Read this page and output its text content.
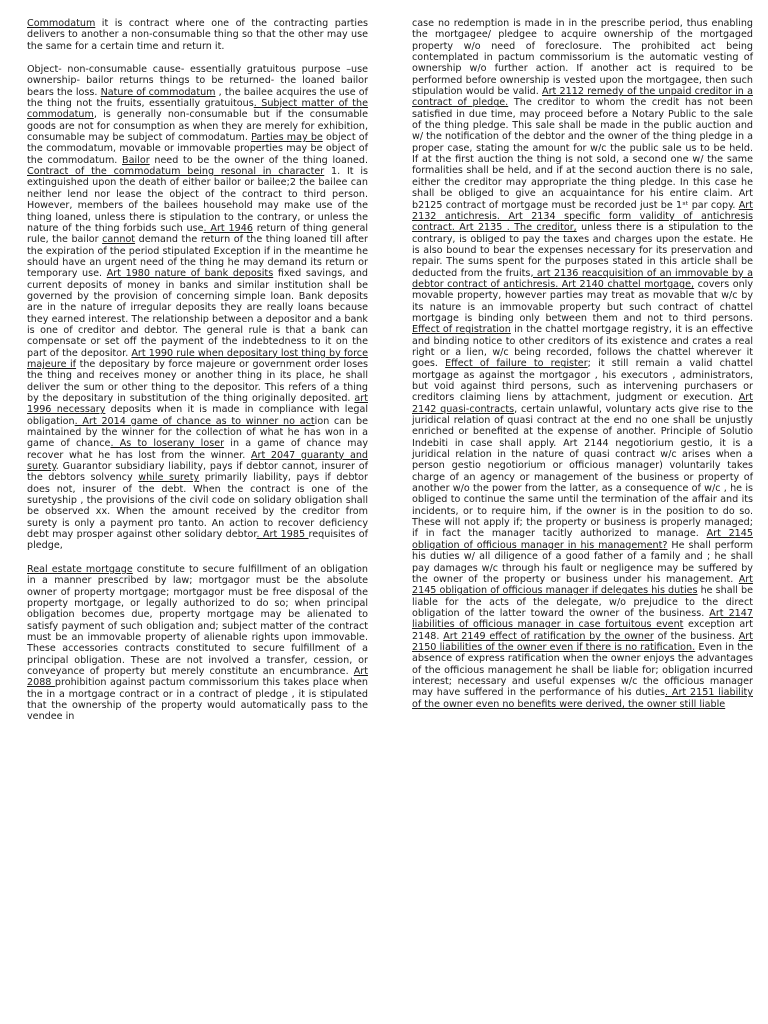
Commodatum it is contract where one of the contracting parties delivers to another a non-consumable thing so that the other may use the same for a certain time and return it.

Object- non-consumable cause- essentially gratuitous purpose –use ownership- bailor returns things to be returned- the loaned bailor bears the loss. Nature of commodatum , the bailee acquires the use of the thing not the fruits, essentially gratuitous. Subject matter of the commodatum, is generally non-consumable but if the consumable goods are not for consumption as when they are merely for exhibition, consumable may be subject of commodatum. Parties may be object of the commodatum, movable or immovable properties may be object of the commodatum. Bailor need to be the owner of the thing loaned. Contract of the commodatum being resonal in character 1. It is extinguished upon the death of either bailor or bailee;2 the bailee can neither lend nor lease the object of the contract to third person. However, members of the bailees household may make use of the thing loaned, unless there is stipulation to the contrary, or unless the nature of the thing forbids such use. Art 1946 return of thing general rule, the bailor cannot demand the return of the thing loaned till after the expiration of the period stipulated Exception if in the meantime he should have an urgent need of the thing he may demand its return or temporary use. Art 1980 nature of bank deposits fixed savings, and current deposits of money in banks and similar institution shall be governed by the provision of concerning simple loan. Bank deposits are in the nature of irregular deposits they are really loans because they earned interest. The relationship between a depositor and a bank is one of creditor and debtor. The general rule is that a bank can compensate or set off the payment of the indebtedness to it on the part of the depositor. Art 1990 rule when depositary lost thing by force majeure if the depositary by force majeure or government order loses the thing and receives money or another thing in its place, he shall deliver the sum or other thing to the depositor. This refers of a thing by the depositary in substitution of the thing originally deposited. art 1996 necessary deposits when it is made in compliance with legal obligation. Art 2014 game of chance as to winner no action can be maintained by the winner for the collection of what he has won in a game of chance. As to loserany loser in a game of chance may recover what he has lost from the winner. Art 2047 guaranty and surety. Guarantor subsidiary liability, pays if debtor cannot, insurer of the debtors solvency while surety primarily liability, pays if debtor does not, insurer of the debt. When the contract is one of the suretyship , the provisions of the civil code on solidary obligation shall be observed xx. When the amount received by the creditor from surety is only a payment pro tanto. An action to recover deficiency debt may prosper against other solidary debtor. Art 1985 requisites of pledge,

Real estate mortgage constitute to secure fulfillment of an obligation in a manner prescribed by law; mortgagor must be the absolute owner of property mortgage; mortgagor must be free disposal of the property mortgage, or legally authorized to do so; when principal obligation becomes due, property mortgage may be alienated to satisfy payment of such obligation and; subject matter of the contract must be an immovable property of alienable rights upon immovable. These accessories contracts constituted to secure fulfillment of a principal obligation. These are not involved a transfer, cession, or conveyance of property but merely constitute an encumbrance. Art 2088 prohibition against pactum commissorium this takes place when the in a mortgage contract or in a contract of pledge , it is stipulated that the ownership of the property would automatically pass to the vendee in

case no redemption is made in in the prescribe period, thus enabling the mortgagee/ pledgee to acquire ownership of the mortgaged property w/o need of foreclosure. The prohibited act being contemplated in pactum commissorium is the automatic vesting of ownership w/o further action. If another act is required to be performed before ownership is vested upon the mortgagee, then such stipulation would be valid. Art 2112 remedy of the unpaid creditor in a contract of pledge. The creditor to whom the credit has not been satisfied in due time, may proceed before a Notary Public to the sale of the thing pledge. This sale shall be made in the public auction and w/ the notification of the debtor and the owner of the thing pledge in a proper case, stating the amount for w/c the public sale us to be held. If at the first auction the thing is not sold, a second one w/ the same formalities shall be held, and if at the second auction there is no sale, either the creditor may appropriate the thing pledge. In this case he shall be obliged to give an acquaintance for his entire claim. Art b2125 contract of mortgage must be recorded just be 1ˢᵗ par copy. Art 2132 antichresis. Art 2134 specific form validity of antichresis contract. Art 2135 . The creditor, unless there is a stipulation to the contrary, is obliged to pay the taxes and charges upon the estate. He is also bound to bear the expenses necessary for its preservation and repair. The sums spent for the purposes stated in this article shall be deducted from the fruits, art 2136 reacquisition of an immovable by a debtor contract of antichresis. Art 2140 chattel mortgage, covers only movable property, however parties may treat as movable that w/c by its nature is an immovable property but such contract of chattel mortgage is binding only between them and not to third persons. Effect of registration in the chattel mortgage registry, it is an effective and binding notice to other creditors of its existence and crates a real right or a lien, w/c being recorded, follows the chattel wherever it goes. Effect of failure to register; it still remain a valid chattel mortgage as against the mortgagor , his executors , administrators, but void against third persons, such as intervening purchasers or creditors claiming liens by attachment, judgment or execution. Art 2142 quasi-contracts, certain unlawful, voluntary acts give rise to the juridical relation of quasi contract at the end no one shall be unjustly enriched or benefited at the expense of another. Principle of Solutio Indebiti in case shall apply. Art 2144 negotiorium gestio, it is a juridical relation in the nature of quasi contract w/c arises when a person gestio negotiorium or officious manager) voluntarily takes charge of an agency or management of the business or property of another w/o the power from the latter, as a consequence of w/c , he is obliged to continue the same until the termination of the affair and its incidents, or to require him, if the owner is in the position to do so. These will not apply if; the property or business is properly managed; if in fact the manager tacitly authorized to manage. Art 2145 obligation of officious manager in his management? He shall perform his duties w/ all diligence of a good father of a family and ; he shall pay damages w/c through his fault or negligence may be suffered by the owner of the property or business under his management. Art 2145 obligation of officious manager if delegates his duties he shall be liable for the acts of the delegate, w/o prejudice to the direct obligation of the latter toward the owner of the business. Art 2147 liabilities of officious manager in case fortuitous event exception art 2148. Art 2149 effect of ratification by the owner of the business. Art 2150 liabilities of the owner even if there is no ratification. Even in the absence of express ratification when the owner enjoys the advantages of the officious management he shall be liable for; obligation incurred interest; necessary and useful expenses w/c the officious manager may have suffered in the performance of his duties. Art 2151 liability of the owner even no benefits were derived, the owner still liable
